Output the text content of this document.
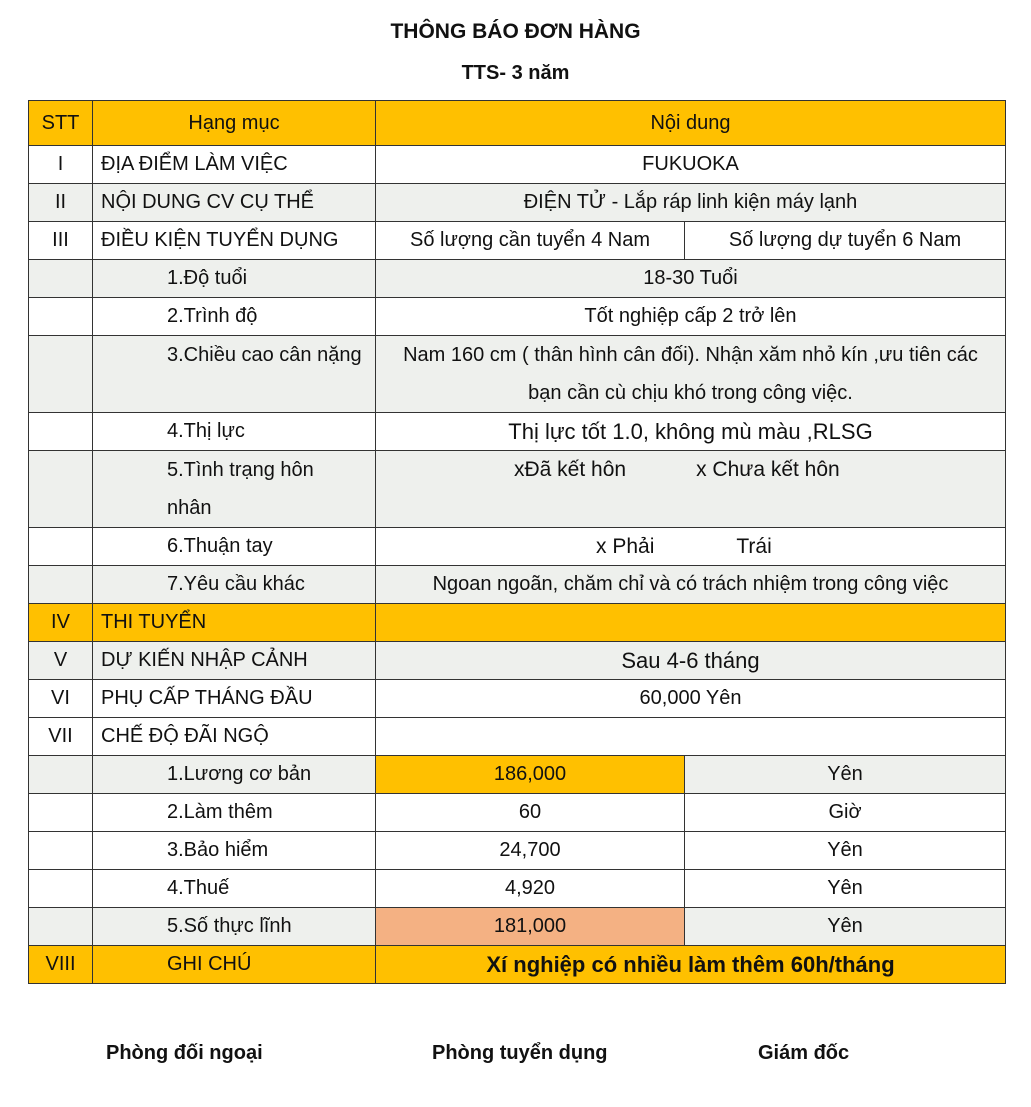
THÔNG BÁO ĐƠN HÀNG
TTS- 3 năm
STT	Hạng mục	Nội dung	
I	ĐỊA ĐIỂM LÀM VIỆC	FUKUOKA	
II	NỘI DUNG CV CỤ THỂ	ĐIỆN TỬ - Lắp ráp linh kiện máy lạnh	
III	ĐIỀU KIỆN TUYỂN DỤNG	Số lượng cần tuyển 4 Nam	Số lượng dự tuyển 6 Nam
	1.Độ tuổi	18-30 Tuổi	
	2.Trình độ	Tốt nghiệp cấp 2 trở lên	
	3.Chiều cao cân nặng	Nam 160 cm ( thân hình cân đối). Nhận xăm nhỏ kín ,ưu tiên các bạn cần cù chịu khó trong công việc.	
	4.Thị lực	Thị lực tốt 1.0, không mù màu ,RLSG	
	5.Tình trạng hôn nhân	xĐã kết hôn x Chưa kết hôn	
	6.Thuận tay	x Phải Trái	
	7.Yêu cầu khác	Ngoan ngoãn, chăm chỉ và có trách nhiệm trong công việc	
IV	THI TUYỂN		
V	DỰ KIẾN NHẬP CẢNH	Sau 4-6 tháng	
VI	PHỤ CẤP THÁNG ĐẦU	60,000 Yên	
VII	CHẾ ĐỘ ĐÃI NGỘ		
	1.Lương cơ bản	186,000	Yên
	2.Làm thêm	60	Giờ
	3.Bảo hiểm	24,700	Yên
	4.Thuế	4,920	Yên
	5.Số thực lĩnh	181,000	Yên
VIII	GHI CHÚ	Xí nghiệp có nhiều làm thêm 60h/tháng	
Phòng đối ngoại	Phòng tuyển dụng	Giám đốc
